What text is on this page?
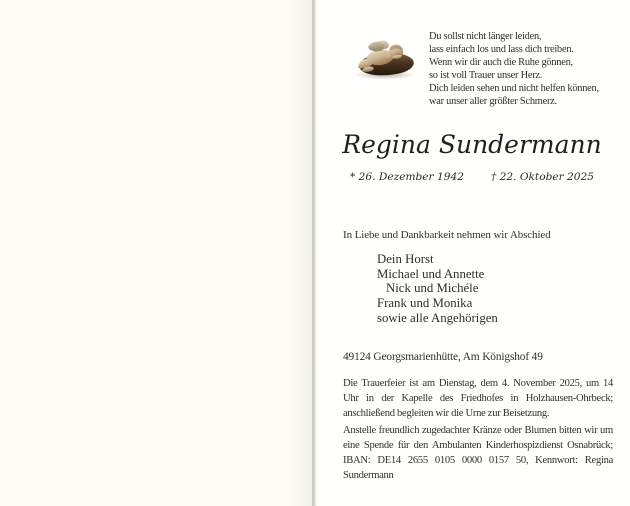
Du sollst nicht länger leiden,
lass einfach los und lass dich treiben.
Wenn wir dir auch die Ruhe gönnen,
so ist voll Trauer unser Herz.
Dich leiden sehen und nicht helfen können,
war unser aller größter Schmerz.
Regina Sundermann
* 26. Dezember 1942	† 22. Oktober 2025
In Liebe und Dankbarkeit nehmen wir Abschied
Dein Horst
Michael und Annette
Nick und Michéle
Frank und Monika
sowie alle Angehörigen
49124 Georgsmarienhütte, Am Königshof 49
Die Trauerfeier ist am Dienstag, dem 4. November 2025, um 14 Uhr in der Kapelle des Friedhofes in Holzhausen-Ohrbeck; anschließend begleiten wir die Urne zur Beisetzung.
Anstelle freundlich zugedachter Kränze oder Blumen bitten wir um eine Spende für den Ambulanten Kinderhospizdienst Osnabrück; IBAN: DE14 2655 0105 0000 0157 50, Kennwort: Regina Sundermann
